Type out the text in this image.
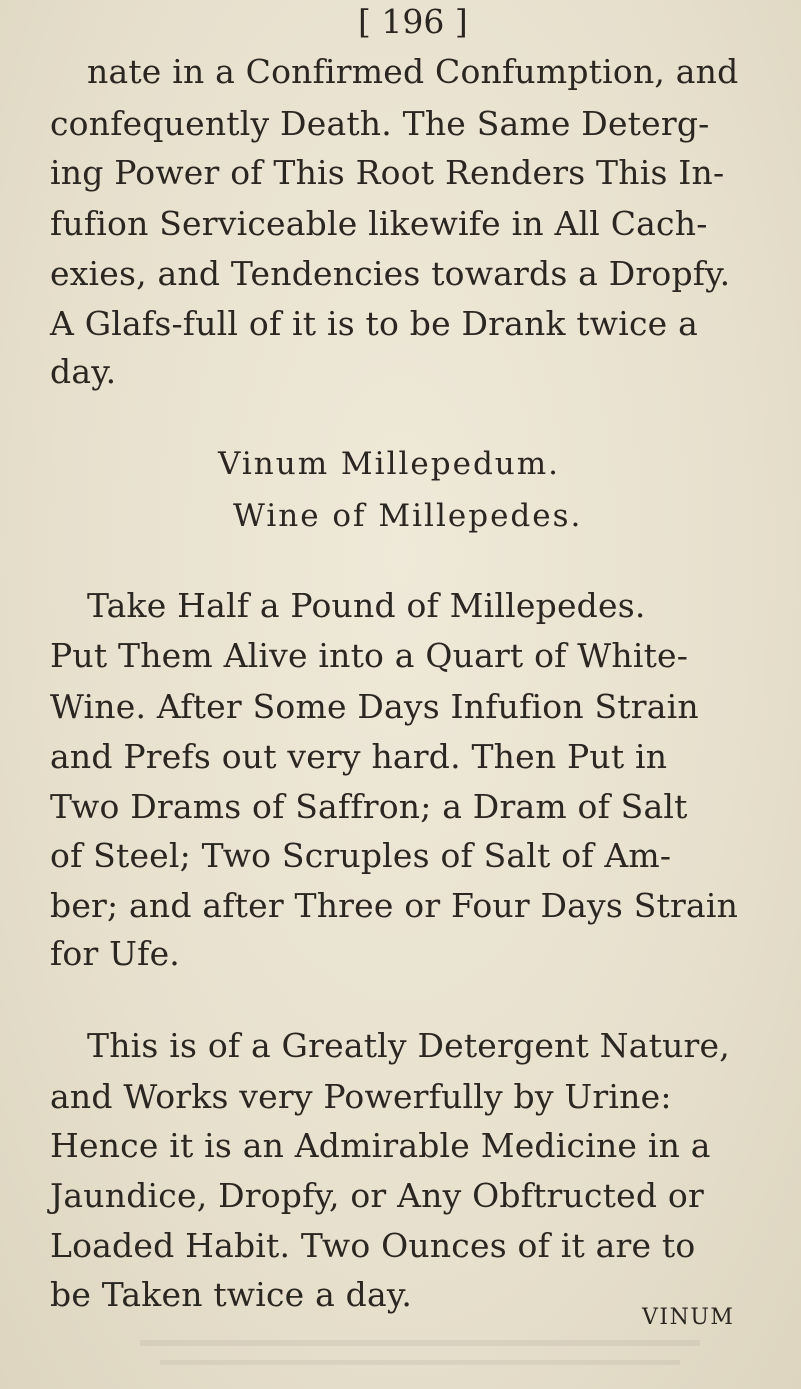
[ 196 ]
nate in a Confirmed Confumption, and
confequently Death. The Same Deterg-
ing Power of This Root Renders This In-
fufion Serviceable likewife in All Cach-
exies, and Tendencies towards a Dropfy.
A Glafs-full of it is to be Drank twice a
day.
Vinum Millepedum.
Wine of Millepedes.
Take Half a Pound of Millepedes.
Put Them Alive into a Quart of White-
Wine. After Some Days Infufion Strain
and Prefs out very hard. Then Put in
Two Drams of Saffron; a Dram of Salt
of Steel; Two Scruples of Salt of Am-
ber; and after Three or Four Days Strain
for Ufe.
This is of a Greatly Detergent Nature,
and Works very Powerfully by Urine:
Hence it is an Admirable Medicine in a
Jaundice, Dropfy, or Any Obftructed or
Loaded Habit. Two Ounces of it are to
be Taken twice a day.
VINUM
